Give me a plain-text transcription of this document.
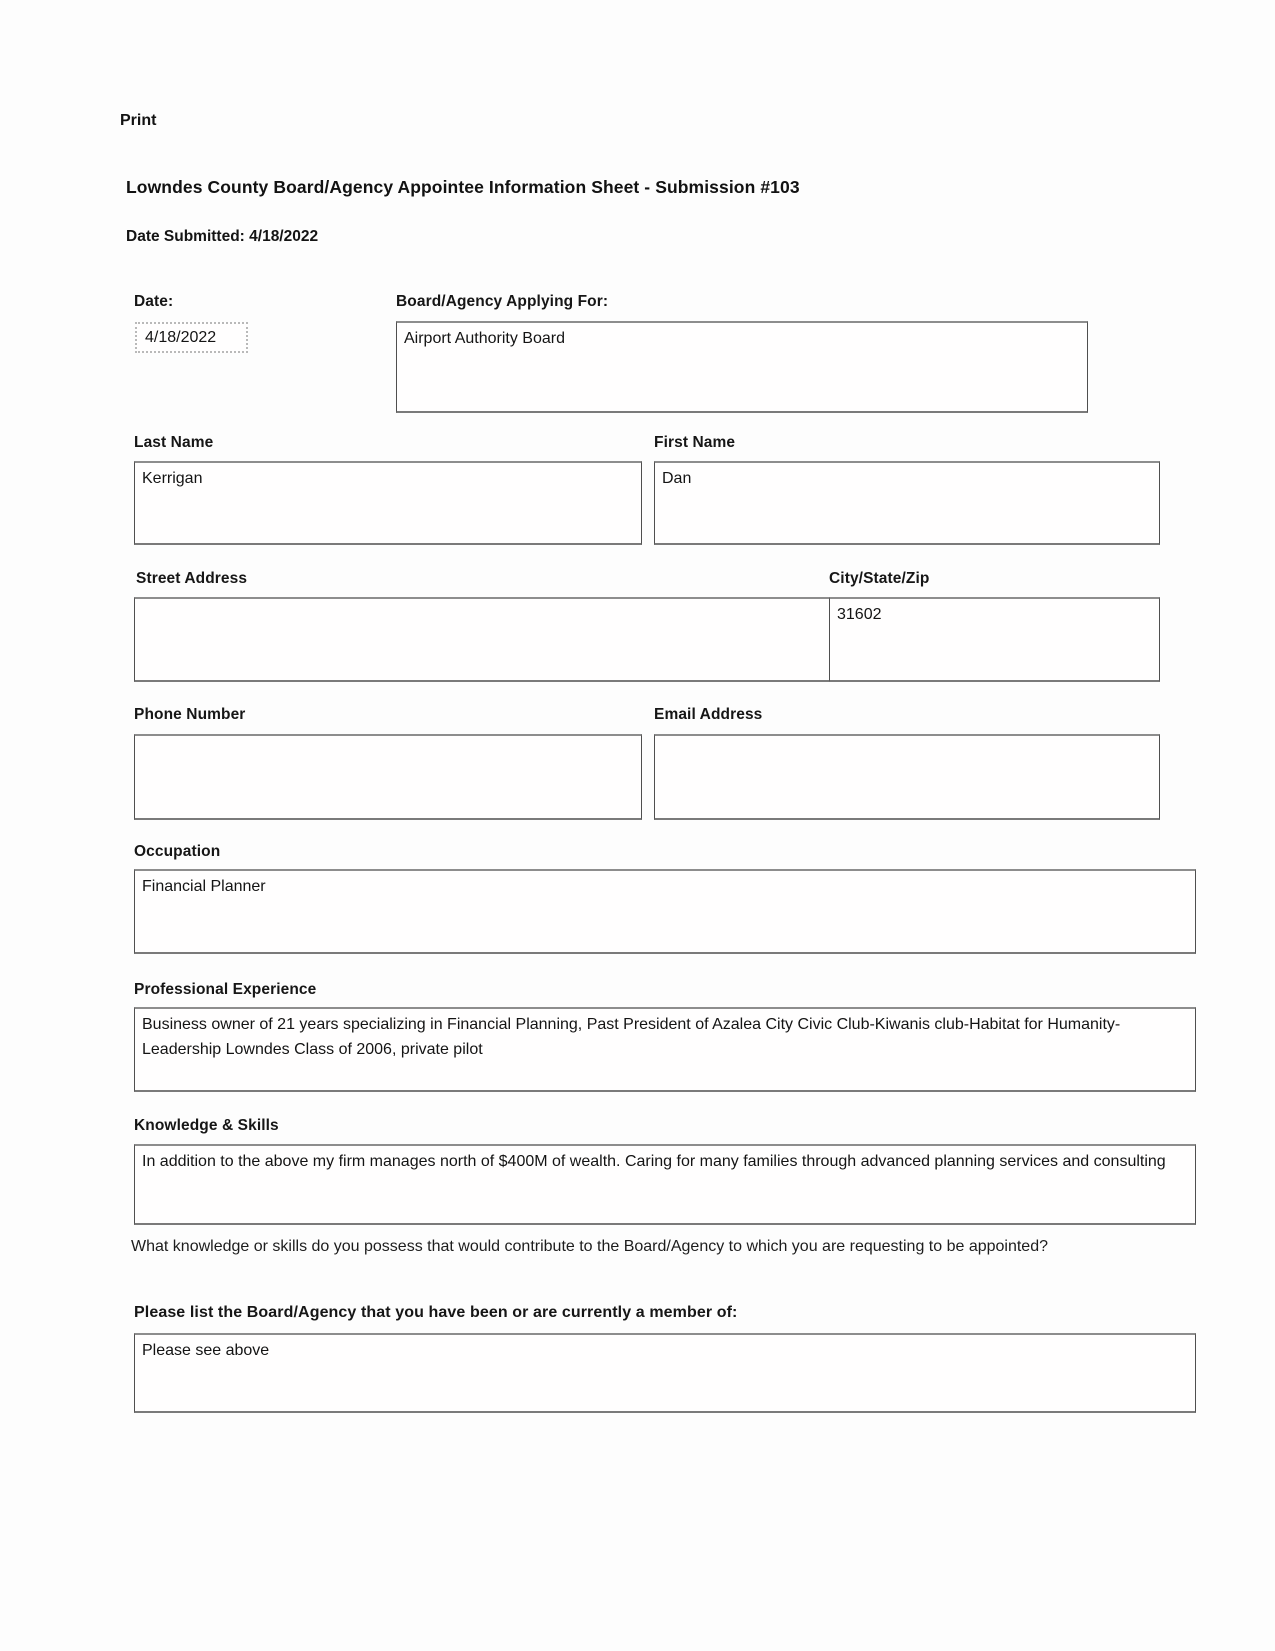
Print
Lowndes County Board/Agency Appointee Information Sheet - Submission #103
Date Submitted: 4/18/2022
Date:
4/18/2022
Board/Agency Applying For:
Airport Authority Board
Last Name
Kerrigan
First Name
Dan
Street Address	City/State/Zip
31602
Phone Number	Email Address
Occupation
Financial Planner
Professional Experience
Business owner of 21 years specializing in Financial Planning, Past President of Azalea City Civic Club-Kiwanis club-Habitat for Humanity-Leadership Lowndes Class of 2006, private pilot
Knowledge & Skills
In addition to the above my firm manages north of $400M of wealth. Caring for many families through advanced planning services and consulting
What knowledge or skills do you possess that would contribute to the Board/Agency to which you are requesting to be appointed?
Please list the Board/Agency that you have been or are currently a member of:
Please see above
